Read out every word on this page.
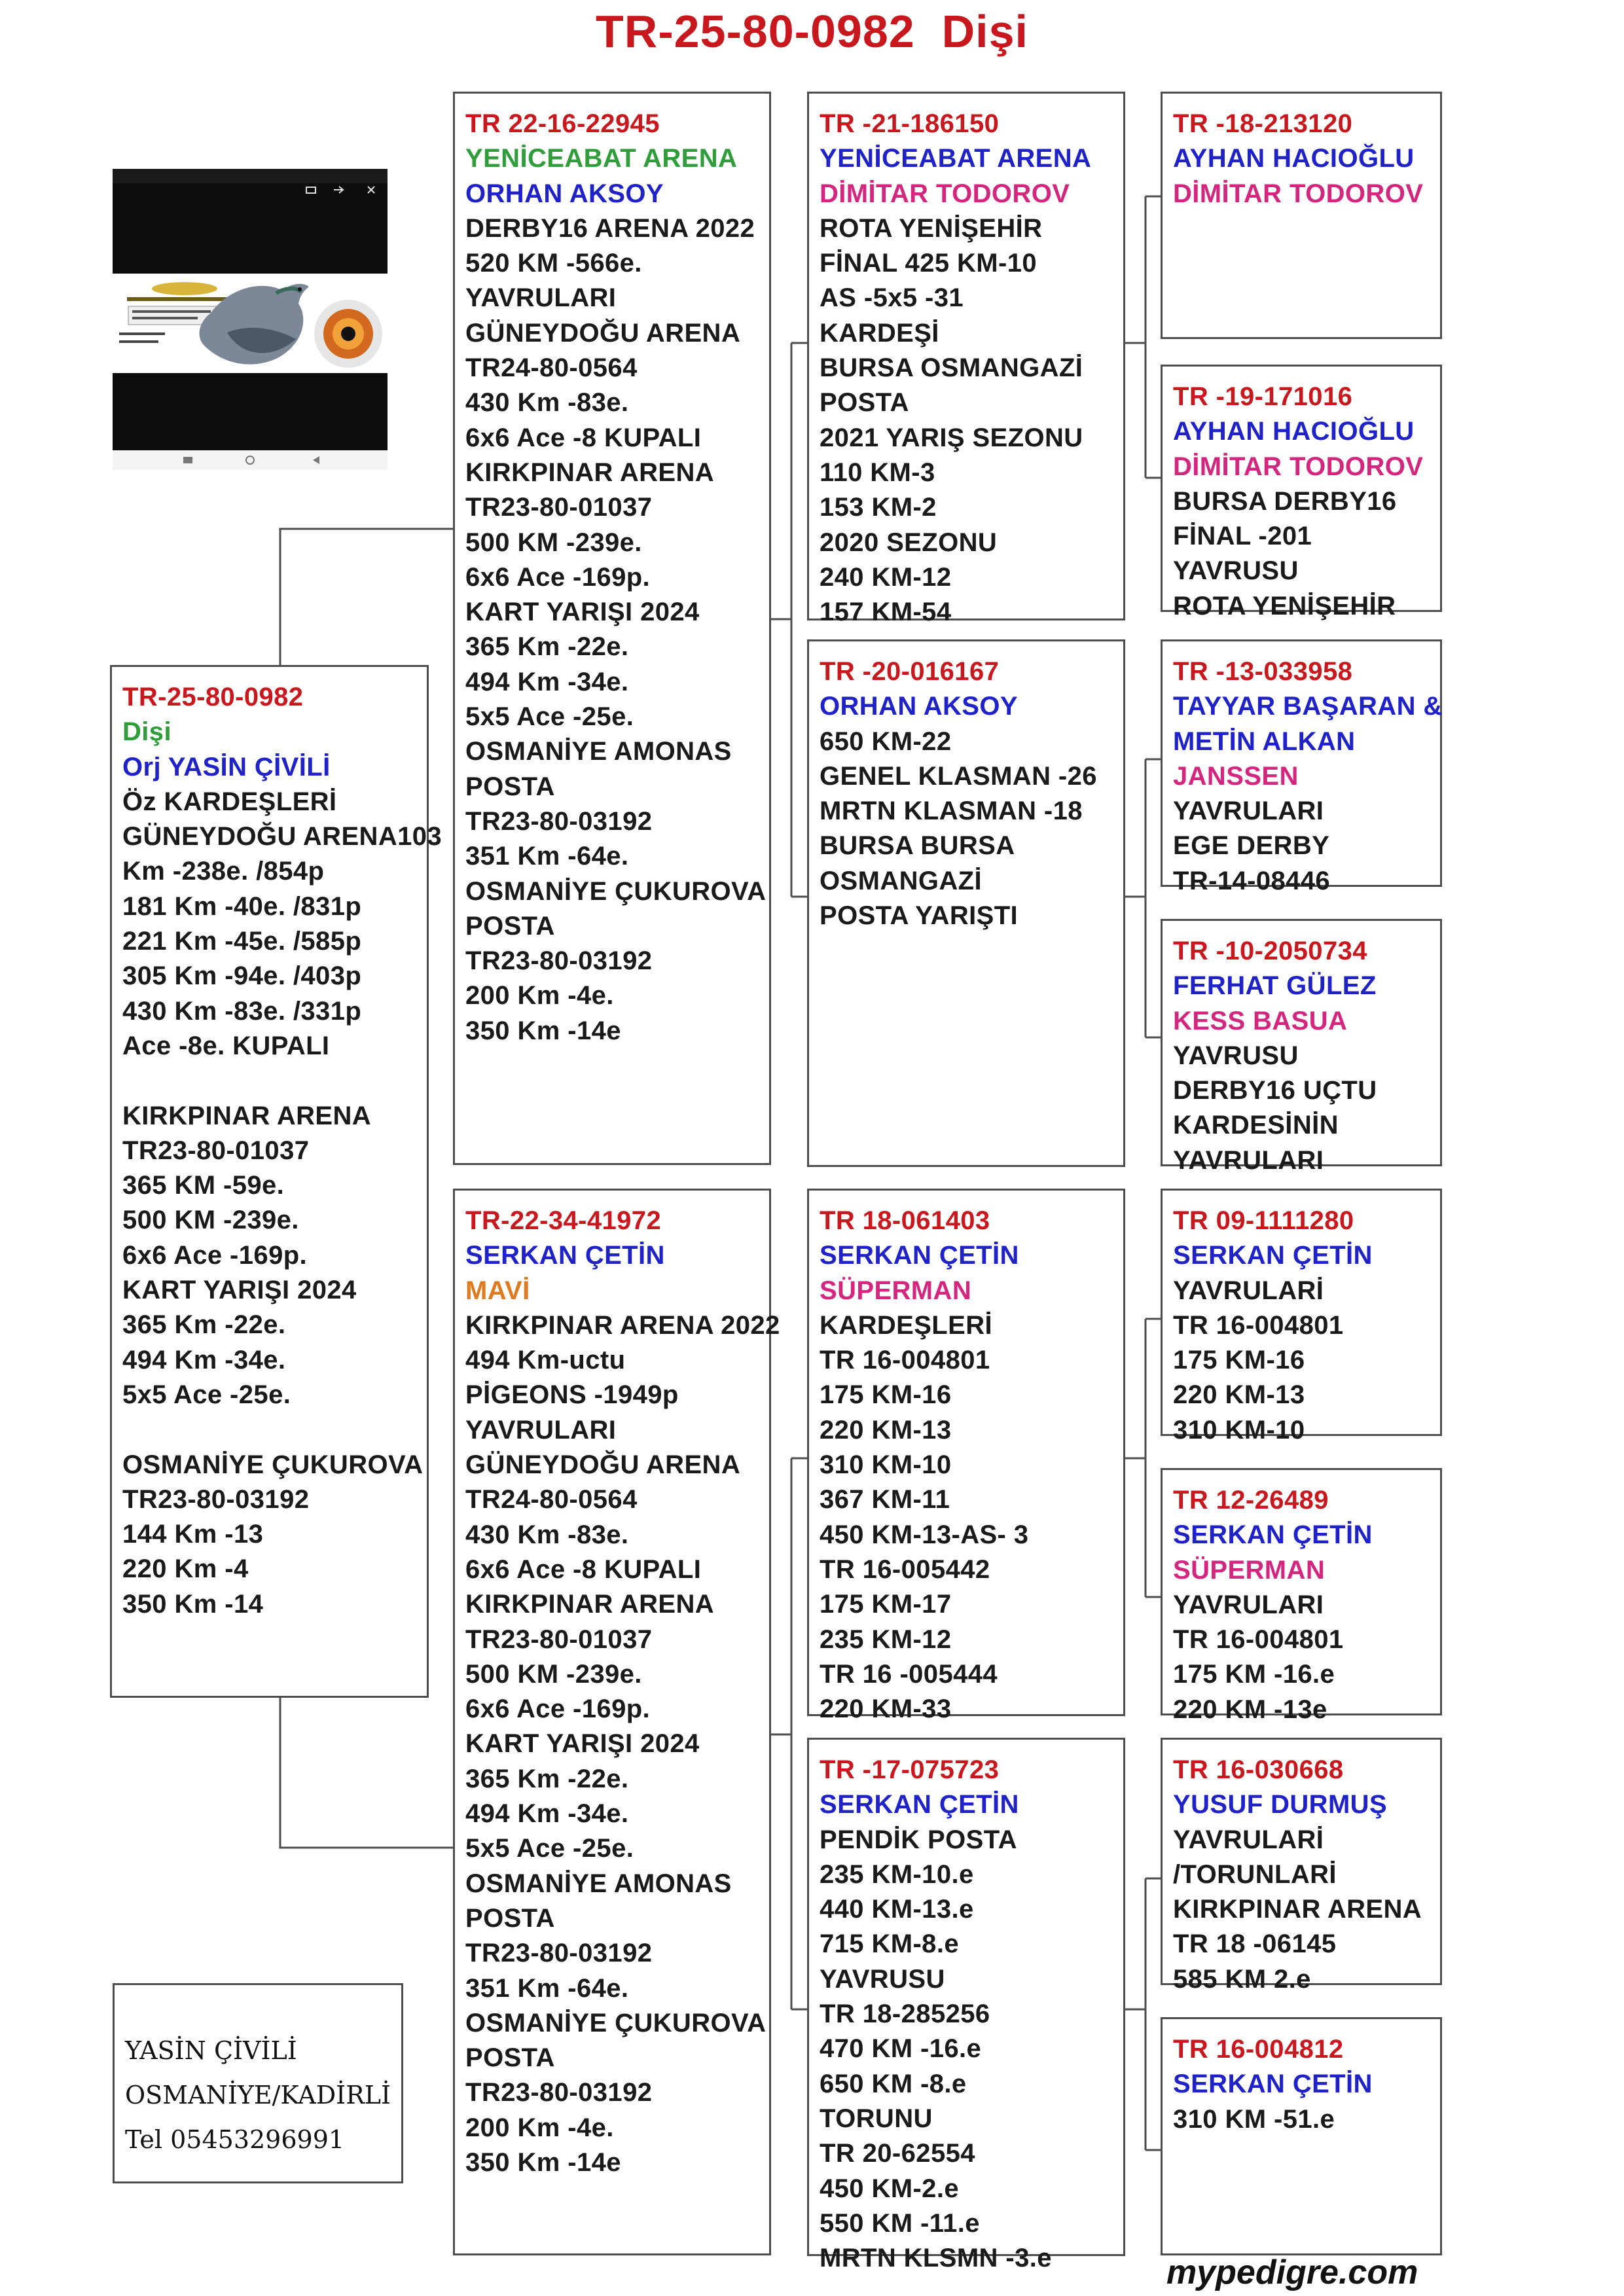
TR-25-80-0982  Dişi
TR-25-80-0982
Dişi
Orj YASİN ÇİVİLİ
Öz KARDEŞLERİ
GÜNEYDOĞU ARENA103
Km -238e. /854p
181 Km -40e. /831p
221 Km -45e. /585p
305 Km -94e. /403p
430 Km -83e. /331p
Ace -8e. KUPALI

KIRKPINAR ARENA
TR23-80-01037
365 KM -59e.
500 KM -239e.
6x6 Ace -169p.
KART YARIŞI 2024
365 Km -22e.
494 Km -34e.
5x5 Ace -25e.

OSMANİYE ÇUKUROVA
TR23-80-03192
144 Km -13
220 Km -4
350 Km -14
TR 22-16-22945
YENİCEABAT ARENA
ORHAN AKSOY
DERBY16 ARENA 2022
520 KM -566e.
YAVRULARI
GÜNEYDOĞU ARENA
TR24-80-0564
430 Km -83e.
6x6 Ace -8 KUPALI
KIRKPINAR ARENA
TR23-80-01037
500 KM -239e.
6x6 Ace -169p.
KART YARIŞI 2024
365 Km -22e.
494 Km -34e.
5x5 Ace -25e.
OSMANİYE AMONAS
POSTA
TR23-80-03192
351 Km -64e.
OSMANİYE ÇUKUROVA
POSTA
TR23-80-03192
200 Km -4e.
350 Km -14e
TR-22-34-41972
SERKAN ÇETİN
MAVİ
KIRKPINAR ARENA 2022
494 Km-uctu
PİGEONS -1949p
YAVRULARI
GÜNEYDOĞU ARENA
TR24-80-0564
430 Km -83e.
6x6 Ace -8 KUPALI
KIRKPINAR ARENA
TR23-80-01037
500 KM -239e.
6x6 Ace -169p.
KART YARIŞI 2024
365 Km -22e.
494 Km -34e.
5x5 Ace -25e.
OSMANİYE AMONAS
POSTA
TR23-80-03192
351 Km -64e.
OSMANİYE ÇUKUROVA
POSTA
TR23-80-03192
200 Km -4e.
350 Km -14e
TR -21-186150
YENİCEABAT ARENA
DİMİTAR TODOROV
ROTA YENİŞEHİR
FİNAL 425 KM-10
AS -5x5 -31
KARDEŞİ
BURSA OSMANGAZİ
POSTA
2021 YARIŞ SEZONU
110 KM-3
153 KM-2
2020 SEZONU
240 KM-12
157 KM-54
TR -20-016167
ORHAN AKSOY
650 KM-22
GENEL KLASMAN -26
MRTN KLASMAN -18
BURSA BURSA
OSMANGAZİ
POSTA YARIŞTI
TR 18-061403
SERKAN ÇETİN
SÜPERMAN
KARDEŞLERİ
TR 16-004801
175 KM-16
220 KM-13
310 KM-10
367 KM-11
450 KM-13-AS- 3
TR 16-005442
175 KM-17
235 KM-12
TR 16 -005444
220 KM-33
TR -17-075723
SERKAN ÇETİN
PENDİK POSTA
235 KM-10.e
440 KM-13.e
715 KM-8.e
YAVRUSU
TR 18-285256
470 KM -16.e
650 KM -8.e
TORUNU
TR 20-62554
450 KM-2.e
550 KM -11.e
MRTN KLSMN -3.e
TR -18-213120
AYHAN HACIOĞLU
DİMİTAR TODOROV
TR -19-171016
AYHAN HACIOĞLU
DİMİTAR TODOROV
BURSA DERBY16
FİNAL -201
YAVRUSU
ROTA YENİŞEHİR
TR -13-033958
TAYYAR BAŞARAN &
METİN ALKAN
JANSSEN
YAVRULARI
EGE DERBY
TR-14-08446
TR -10-2050734
FERHAT GÜLEZ
KESS BASUA
YAVRUSU
DERBY16 UÇTU
KARDESİNİN
YAVRULARI
TR 09-1111280
SERKAN ÇETİN
YAVRULARİ
TR 16-004801
175 KM-16
220 KM-13
310 KM-10
TR 12-26489
SERKAN ÇETİN
SÜPERMAN
YAVRULARI
TR 16-004801
175 KM -16.e
220 KM -13e
TR 16-030668
YUSUF DURMUŞ
YAVRULARİ
/TORUNLARİ
KIRKPINAR ARENA
TR 18 -06145
585 KM 2.e
TR 16-004812
SERKAN ÇETİN
310 KM -51.e
YASİN ÇİVİLİ
OSMANİYE/KADİRLİ
Tel 05453296991
mypedigre.com
